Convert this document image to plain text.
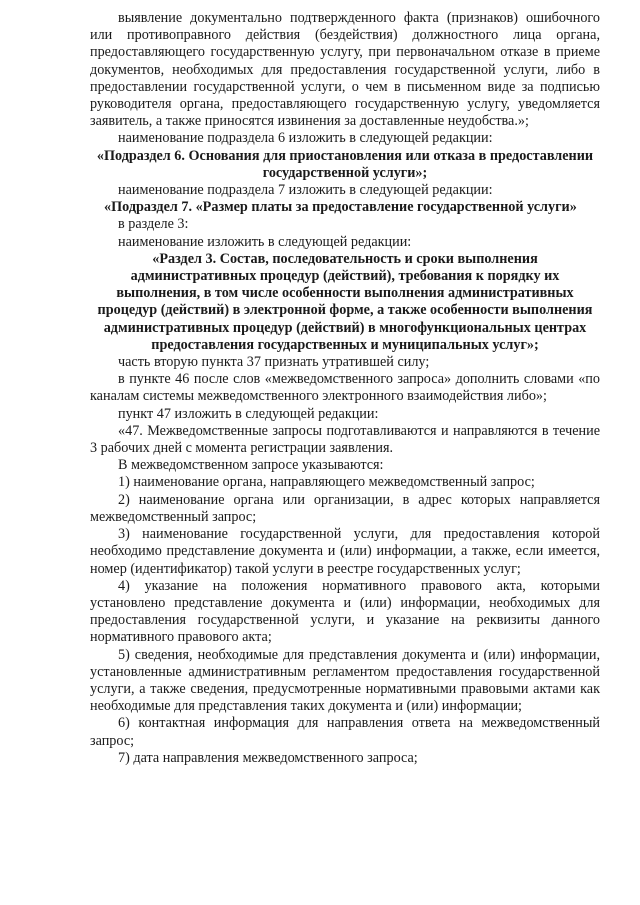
выявление документально подтвержденного факта (признаков) ошибочного или противоправного действия (бездействия) должностного лица органа, предоставляющего государственную услугу, при первоначальном отказе в приеме документов, необходимых для предоставления государственной услуги, либо в предоставлении государственной услуги, о чем в письменном виде за подписью руководителя органа, предоставляющего государственную услугу, уведомляется заявитель, а также приносятся извинения за доставленные неудобства.»;

наименование подраздела 6 изложить в следующей редакции:

«Подраздел 6. Основания для приостановления или отказа в предоставлении государственной услуги»;

наименование подраздела 7 изложить в следующей редакции:

«Подраздел 7. «Размер платы за предоставление государственной услуги»

в разделе 3:

наименование изложить в следующей редакции:

«Раздел 3. Состав, последовательность и сроки выполнения административных процедур (действий), требования к порядку их выполнения, в том числе особенности выполнения административных процедур (действий) в электронной форме, а также особенности выполнения административных процедур (действий) в многофункциональных центрах предоставления государственных и муниципальных услуг»;

часть вторую пункта 37 признать утратившей силу;

в пункте 46 после слов «межведомственного запроса» дополнить словами «по каналам системы межведомственного электронного взаимодействия либо»;

пункт 47 изложить в следующей редакции:

«47. Межведомственные запросы подготавливаются и направляются в течение 3 рабочих дней с момента регистрации заявления.

В межведомственном запросе указываются:

1) наименование органа, направляющего межведомственный запрос;

2) наименование органа или организации, в адрес которых направляется межведомственный запрос;

3) наименование государственной услуги, для предоставления которой необходимо представление документа и (или) информации, а также, если имеется, номер (идентификатор) такой услуги в реестре государственных услуг;

4) указание на положения нормативного правового акта, которыми установлено представление документа и (или) информации, необходимых для предоставления государственной услуги, и указание на реквизиты данного нормативного правового акта;

5) сведения, необходимые для представления документа и (или) информации, установленные административным регламентом предоставления государственной услуги, а также сведения, предусмотренные нормативными правовыми актами как необходимые для представления таких документа и (или) информации;

6) контактная информация для направления ответа на межведомственный запрос;

7) дата направления межведомственного запроса;
